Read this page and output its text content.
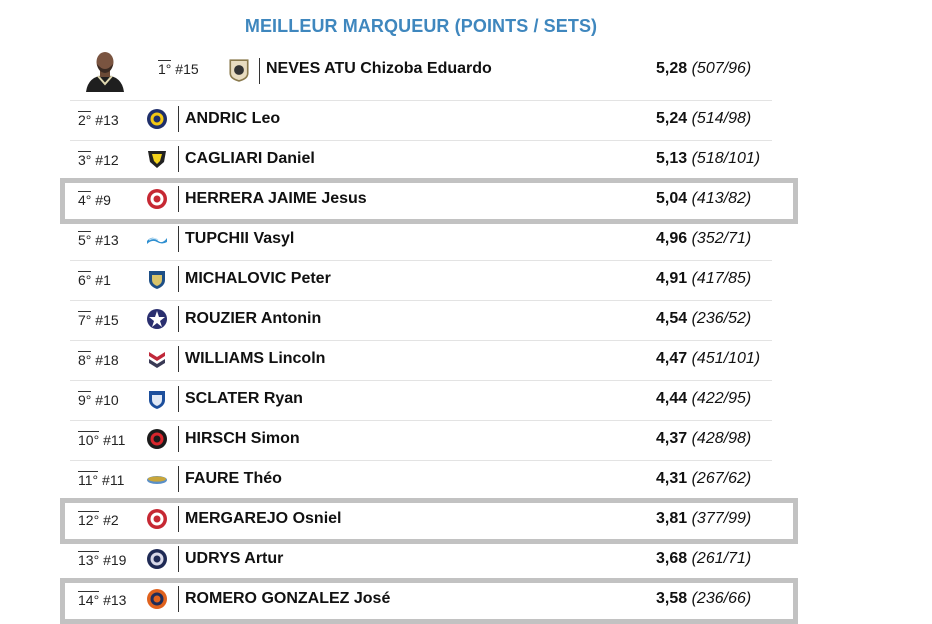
MEILLEUR MARQUEUR (POINTS / SETS)
1° #15	NEVES ATU Chizoba Eduardo	5,28 (507/96)
2° #13	ANDRIC Leo	5,24 (514/98)
3° #12	CAGLIARI Daniel	5,13 (518/101)
4° #9	HERRERA JAIME Jesus	5,04 (413/82)
5° #13	TUPCHII Vasyl	4,96 (352/71)
6° #1	MICHALOVIC Peter	4,91 (417/85)
7° #15	ROUZIER Antonin	4,54 (236/52)
8° #18	WILLIAMS Lincoln	4,47 (451/101)
9° #10	SCLATER Ryan	4,44 (422/95)
10° #11	HIRSCH Simon	4,37 (428/98)
11° #11	FAURE Théo	4,31 (267/62)
12° #2	MERGAREJO Osniel	3,81 (377/99)
13° #19	UDRYS Artur	3,68 (261/71)
14° #13	ROMERO GONZALEZ José	3,58 (236/66)
